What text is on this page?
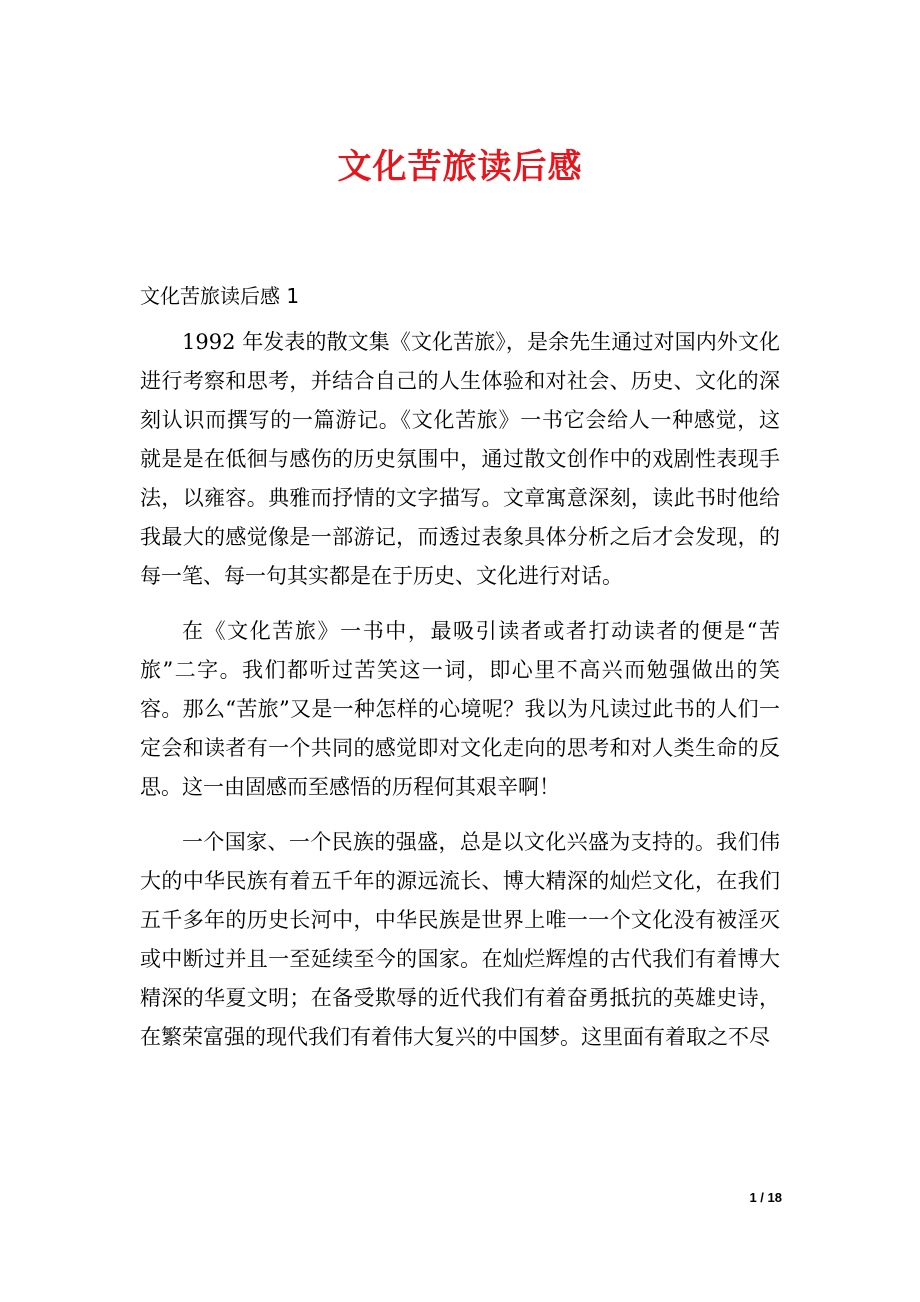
文化苦旅读后感
文化苦旅读后感 1

1992 年发表的散文集《文化苦旅》，是余先生通过对国内外文化进行考察和思考，并结合自己的人生体验和对社会、历史、文化的深刻认识而撰写的一篇游记。《文化苦旅》一书它会给人一种感觉，这就是是在低徊与感伤的历史氛围中，通过散文创作中的戏剧性表现手法，以雍容。典雅而抒情的文字描写。文章寓意深刻，读此书时他给我最大的感觉像是一部游记，而透过表象具体分析之后才会发现，的每一笔、每一句其实都是在于历史、文化进行对话。

在《文化苦旅》一书中，最吸引读者或者打动读者的便是“苦旅”二字。我们都听过苦笑这一词，即心里不高兴而勉强做出的笑容。那么“苦旅”又是一种怎样的心境呢？我以为凡读过此书的人们一定会和读者有一个共同的感觉即对文化走向的思考和对人类生命的反思。这一由固感而至感悟的历程何其艰辛啊！

一个国家、一个民族的强盛，总是以文化兴盛为支持的。我们伟大的中华民族有着五千年的源远流长、博大精深的灿烂文化，在我们五千多年的历史长河中，中华民族是世界上唯一一个文化没有被淫灭或中断过并且一至延续至今的国家。在灿烂辉煌的古代我们有着博大精深的华夏文明；在备受欺辱的近代我们有着奋勇抵抗的英雄史诗，在繁荣富强的现代我们有着伟大复兴的中国梦。这里面有着取之不尽

1 / 18
